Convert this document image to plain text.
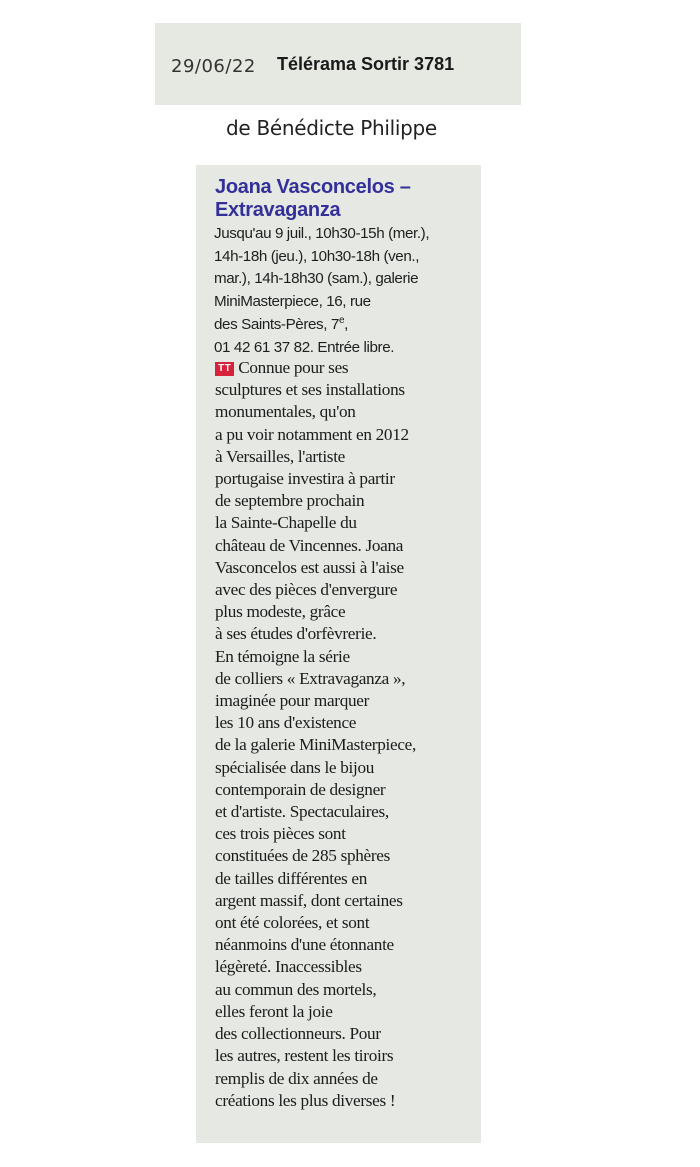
29/06/22 Télérama Sortir 3781
de Bénédicte Philippe
Joana Vasconcelos –
Extravaganza
Jusqu'au 9 juil., 10h30-15h (mer.),
14h-18h (jeu.), 10h30-18h (ven.,
mar.), 14h-18h30 (sam.), galerie
MiniMasterpiece, 16, rue
des Saints-Pères, 7e,
01 42 61 37 82. Entrée libre.
TT Connue pour ses
sculptures et ses installations
monumentales, qu'on
a pu voir notamment en 2012
à Versailles, l'artiste
portugaise investira à partir
de septembre prochain
la Sainte-Chapelle du
château de Vincennes. Joana
Vasconcelos est aussi à l'aise
avec des pièces d'envergure
plus modeste, grâce
à ses études d'orfèvrerie.
En témoigne la série
de colliers « Extravaganza »,
imaginée pour marquer
les 10 ans d'existence
de la galerie MiniMasterpiece,
spécialisée dans le bijou
contemporain de designer
et d'artiste. Spectaculaires,
ces trois pièces sont
constituées de 285 sphères
de tailles différentes en
argent massif, dont certaines
ont été colorées, et sont
néanmoins d'une étonnante
légèreté. Inaccessibles
au commun des mortels,
elles feront la joie
des collectionneurs. Pour
les autres, restent les tiroirs
remplis de dix années de
créations les plus diverses !
